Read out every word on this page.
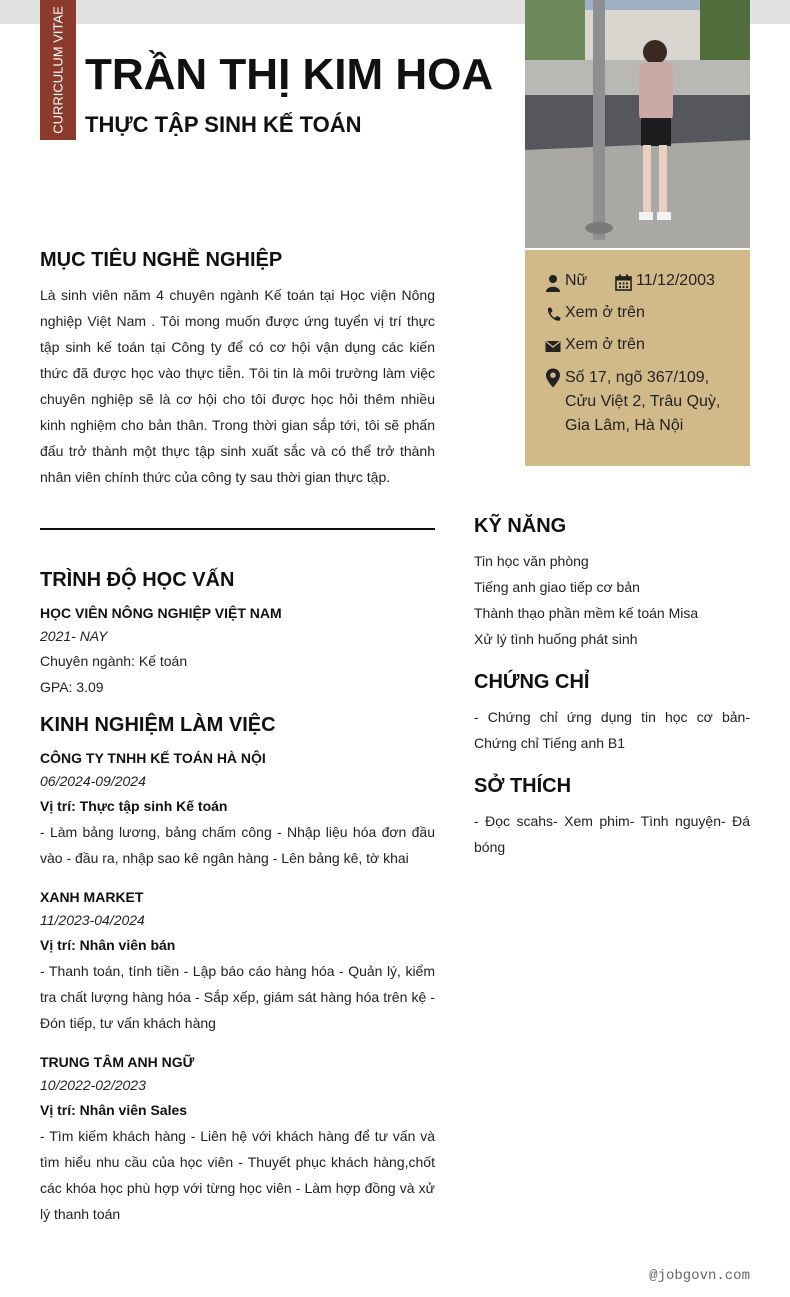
CURRICULUM VITAE TRẦN THỊ KIM HOA
THỰC TẬP SINH KẾ TOÁN
Nữ	11/12/2003
Xem ở trên
Xem ở trên
Số 17, ngõ 367/109, Cửu Việt 2, Trâu Quỳ, Gia Lâm, Hà Nội
MỤC TIÊU NGHỀ NGHIỆP
Là sinh viên năm 4 chuyên ngành Kế toán tại Học viện Nông nghiệp Việt Nam . Tôi mong muốn được ứng tuyển vị trí thực tập sinh kế toán tại Công ty để có cơ hội vận dụng các kiến thức đã được học vào thực tiễn. Tôi tin là môi trường làm việc chuyên nghiệp sẽ là cơ hội cho tôi được học hỏi thêm nhiều kinh nghiệm cho bản thân. Trong thời gian sắp tới, tôi sẽ phấn đấu trở thành một thực tập sinh xuất sắc và có thể trở thành nhân viên chính thức của công ty sau thời gian thực tập.
TRÌNH ĐỘ HỌC VẤN
HỌC VIÊN NÔNG NGHIỆP VIỆT NAM
2021- NAY
Chuyên ngành: Kế toán
GPA: 3.09
KINH NGHIỆM LÀM VIỆC
CÔNG TY TNHH KẾ TOÁN HÀ NỘI
06/2024-09/2024
Vị trí: Thực tập sinh Kế toán
- Làm bảng lương, bảng chấm công - Nhập liệu hóa đơn đầu vào - đầu ra, nhập sao kê ngân hàng - Lên bảng kê, tờ khai
XANH MARKET
11/2023-04/2024
Vị trí: Nhân viên bán
- Thanh toán, tính tiền - Lập báo cáo hàng hóa - Quản lý, kiểm tra chất lượng hàng hóa - Sắp xếp, giám sát hàng hóa trên kệ - Đón tiếp, tư vấn khách hàng
TRUNG TÂM ANH NGỮ
10/2022-02/2023
Vị trí: Nhân viên Sales
- Tìm kiếm khách hàng - Liên hệ với khách hàng để tư vấn và tìm hiểu nhu cầu của học viên - Thuyết phục khách hàng,chốt các khóa học phù hợp với từng học viên - Làm hợp đồng và xử lý thanh toán
KỸ NĂNG
Tin học văn phòng
Tiếng anh giao tiếp cơ bản
Thành thạo phần mềm kế toán Misa
Xử lý tình huống phát sinh
CHỨNG CHỈ
- Chứng chỉ ứng dụng tin học cơ bản- Chứng chỉ Tiếng anh B1
SỞ THÍCH
- Đọc scahs- Xem phim- Tình nguyện- Đá bóng
@jobgovn.com
